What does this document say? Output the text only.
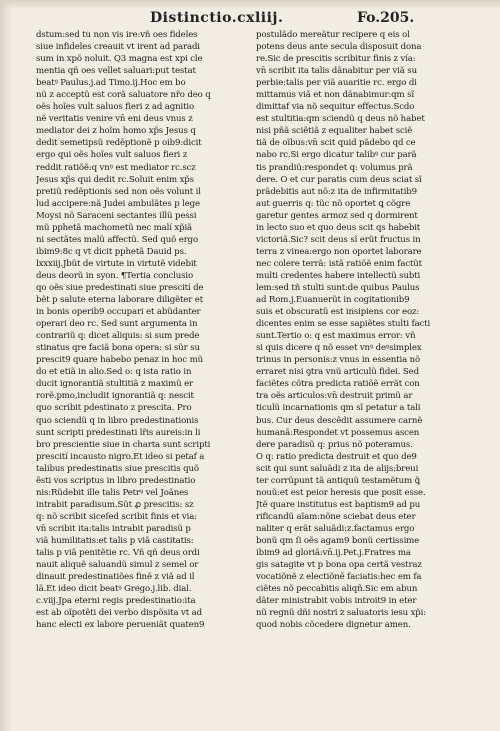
Distinctio.cxliij.	Fo.205.
dstum:sed tu non vis ire:vñ oes fideles
siue infideles creauit vt irent ad paradi
sum in xpõ noluit. Q3 magna est xpi cle
mentia qñ oes vellet saluari:put testat
beatꝰ Paulus.j.ad Timo.ij.Hoc em bo
nũ z acceptũ est corã saluatore nr̃o deo q
oẽs hoĩes vult saluos fieri z ad agnitio
nẽ veritatis venire vn̄ eni deus vnus z
mediator dei z hoĩm homo xp̃s Jesus q
dedit semetipsũ redẽptionẽ p oib9:dicit
ergo qui oẽs hoĩes vult saluos fieri z
reddit ratiõẽ:q vnꝰ est mediator rc.scz
Jesus xp̃s qui dedit rc.Soluit enim xp̃s
pretiũ redẽptionis sed non oẽs volunt il
lud accipere:nã Judei ambulãtes p lege
Moysi nõ Saraceni sectantes illũ pessi
mũ pphetã machometũ nec malí xp̃iã
ni sectãtes malũ affectũ. Sed quõ ergo
ibim9:8c q vt dicit pphetã Dauid ps.
lxxxiij.Jbũt de virtute in virtutẽ videbit
deus deorũ in syon. ¶Tertia conclusio
qo oẽs siue predestinati siue prescití de
bẽt p salute eterna laborare diligẽter et
in bonis operib9 occupari et abũdanter
operari deo rc. Sed sunt argumenta in
contrariũ q: dicet aliquis: si sum prede
stinatus qre faciã bona opera: si sũr su
prescit9 quare habebo penaz in hoc mũ
do et etiã in alio.Sed o: q ista ratio in
ducit ignorantiã stultitiã z maximũ er
rorẽ.pmo,includit ignorantiã q: nescit
quo scribit pdestinato z prescita. Pro
quo sciendũ q in libro predestinationis
sunt scripti predestinati lr̃is aureis:in li
bro prescientie siue in charta sunt scripti
prescití incausto nigro.Et ideo si petaf a
talibus predestinatis siue prescitis quõ
ẽsti vos scriptus in libro predestinatio
nis:Rũdebit ille talis Petrꝰ vel Joãnes
intrabit paradisum.Sũt ꝓ prescitis: sz
q: nõ scribit siceſed scribit finis et via:
vn̄ scribit ita:talis intrabit paradisũ p
viã humilitatis:et talis p viã castitatis:
talis p viã penitẽtie rc. Vñ qñ deus ordi
nauit aliquẽ saluandũ simul z semel or
dinauit predestinatiões finẽ z viã ad il
lã.Et ideo dicit beatꝰ Grego.j.lib. dial.
c.viij.Jpa eterni regis predestinatio:ita
est ab oĩpotẽti dei verbo dispõsita vt ad
hanc electi ex labore perueniãt quaten9
postulãdo mereãtur recipere q eis ol
potens deus ante secula disposuit dona
re.Sic de prescitis scribitur finis z vía:
vn̄ scribit ita talis dãnabitur per viã su
perbie:talis per viã auaritie rc. ergo di
mittamus viã et non dãnabimur:qm sĩ
dimittaf via nõ sequitur effectus.Scdo
est stultitia:qm sciendũ q deus nõ habet
nisi pñã sciẽtiã z equaliter habet sciẽ
tiã de oĩbus:vn̄ scit quid pãdebo qd ce
nabo rc.Si ergo dicatur talibꝰ cur parã
tis prandiũ:respondet q: volumus prã
dere. O et cur paratis cum deus sciat sĩ
prãdebitis aut nõ:z ita de infirmitatib9
aut guerris q: tũc nõ oportet ꝗ cõgre
garetur gentes armoz sed q dormirent
in lecto suo et quo deus scit qs habebit
victoriã.Sic? scit deus sĩ erũt fructus in
terra z vinea:ergo non oportet laborare
nec colere terrã: istã ratiõẽ enim factũt
multi credentes habere intellectũ subti
lem:sed tñ stulti sunt:de quibus Paulus
ad Rom.j.Euanuerũt in cogitationib9
suis et obscuratũ est insipiens cor eoz:
dicentes enim se esse sapiẽtes stulti facti
sunt.Tertio o: q est maximus error: vñ
si quis dicere q nõ esset vnꝰ deꝰsimplex
trinus in personis:z vnus in essentia nõ
erraret nisi ꝯtra vnũ articulũ fidei. Sed
faciẽtes cõtra predicta ratiõẽ errãt con
tra oẽs articulos:vn̄ destruit primũ ar
ticulũ incarnationis qm sĩ petatur a tali
bus. Cur deus descẽdit assumere carnẽ
humanã:Respondet vt possemus ascen
dere paradisũ q: prius nõ poteramus.
O q: ratio predicta destruit et quo de9
scit qui sunt saluãdi z ita de alijs:breui
ter corrũpunt tã antiquũ testamẽtum ꝗ̃
nouũ:et est peior heresis que posit esse.
Jtẽ quare institutus est baptism9 ad pu
rificandũ aĩam:nõne sciebat deus eter
naliter q erãt saluãdi:z.factamus ergo
bonũ qm ſi oẽs agam9 bonũ certissime
ibim9 ad gloriã:vn̄.ij.Pet.j.Fratres ma
gis satagite vt p bona opa certã vestraz
vocatiõnẽ z electiõnẽ faciatis:hec em fa
ciẽtes nõ peccabitis aliqñ.Sic em abun
dãter ministrabit vobis introit9 in eter
nũ regnũ dñi nostri z saluatoris iesu xp̃i:
quod nobis cõcedere dignetur amen.
